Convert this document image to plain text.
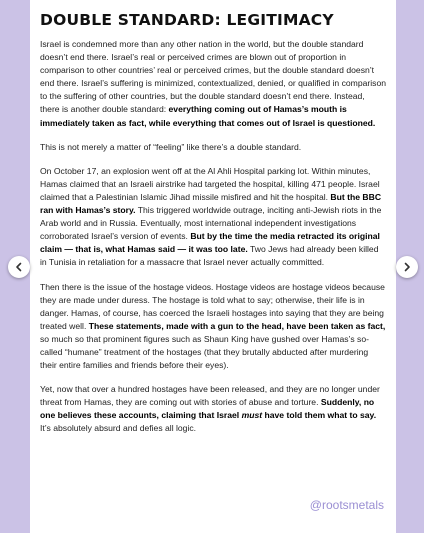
DOUBLE STANDARD: LEGITIMACY

Israel is condemned more than any other nation in the world, but the double standard doesn’t end there. Israel’s real or perceived crimes are blown out of proportion in comparison to other countries’ real or perceived crimes, but the double standard doesn’t end there. Israel’s suffering is minimized, contextualized, denied, or qualified in comparison to the suffering of other countries, but the double standard doesn’t end there. Instead, there is another double standard: everything coming out of Hamas’s mouth is immediately taken as fact, while everything that comes out of Israel is questioned.

This is not merely a matter of “feeling” like there’s a double standard.

On October 17, an explosion went off at the Al Ahli Hospital parking lot. Within minutes, Hamas claimed that an Israeli airstrike had targeted the hospital, killing 471 people. Israel claimed that a Palestinian Islamic Jihad missile misfired and hit the hospital. But the BBC ran with Hamas’s story. This triggered worldwide outrage, inciting anti-Jewish riots in the Arab world and in Russia. Eventually, most international independent investigations corroborated Israel’s version of events. But by the time the media retracted its original claim — that is, what Hamas said — it was too late. Two Jews had already been killed in Tunisia in retaliation for a massacre that Israel never actually committed.

Then there is the issue of the hostage videos. Hostage videos are hostage videos because they are made under duress. The hostage is told what to say; otherwise, their life is in danger. Hamas, of course, has coerced the Israeli hostages into saying that they are being treated well. These statements, made with a gun to the head, have been taken as fact, so much so that prominent figures such as Shaun King have gushed over Hamas’s so-called “humane” treatment of the hostages (that they brutally abducted after murdering their entire families and friends before their eyes).

Yet, now that over a hundred hostages have been released, and they are no longer under threat from Hamas, they are coming out with stories of abuse and torture. Suddenly, no one believes these accounts, claiming that Israel must have told them what to say. It’s absolutely absurd and defies all logic.

@rootsmetals
